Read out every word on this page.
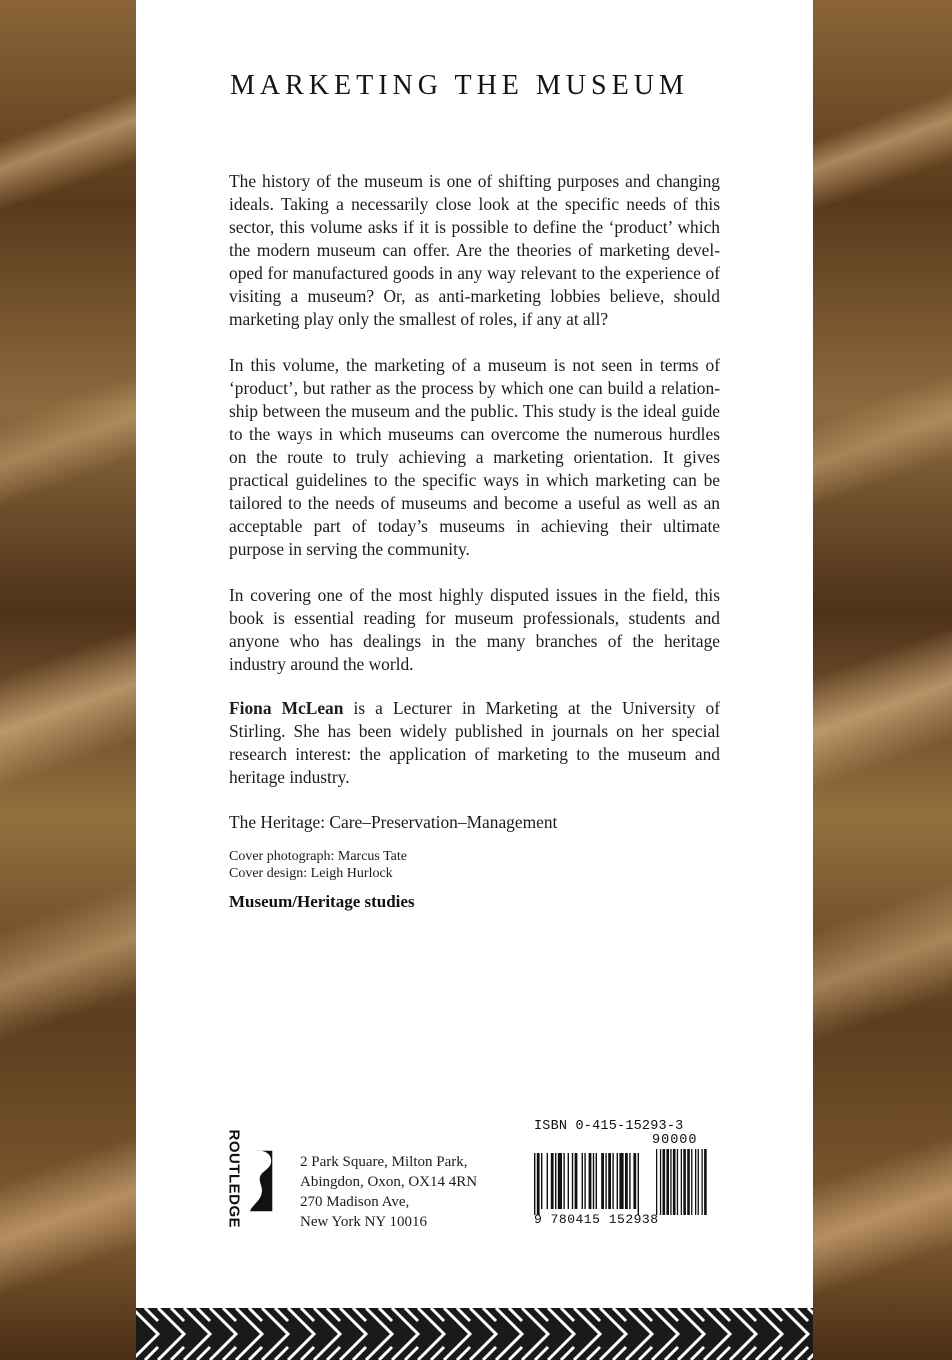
MARKETING THE MUSEUM

The history of the museum is one of shifting purposes and changing ideals. Taking a necessarily close look at the specific needs of this sector, this volume asks if it is possible to define the ‘product’ which the modern museum can offer. Are the theories of marketing developed for manufactured goods in any way relevant to the experience of visiting a museum? Or, as anti-marketing lobbies believe, should marketing play only the smallest of roles, if any at all?

In this volume, the marketing of a museum is not seen in terms of ‘product’, but rather as the process by which one can build a relationship between the museum and the public. This study is the ideal guide to the ways in which museums can overcome the numerous hurdles on the route to truly achieving a marketing orientation. It gives practical guidelines to the specific ways in which marketing can be tailored to the needs of museums and become a useful as well as an acceptable part of today’s museums in achieving their ultimate purpose in serving the community.

In covering one of the most highly disputed issues in the field, this book is essential reading for museum professionals, students and anyone who has dealings in the many branches of the heritage industry around the world.

Fiona McLean is a Lecturer in Marketing at the University of Stirling. She has been widely published in journals on her special research interest: the application of marketing to the museum and heritage industry.

The Heritage: Care–Preservation–Management
Cover photograph: Marcus Tate
Cover design: Leigh Hurlock
Museum/Heritage studies
ROUTLEDGE	2 Park Square, Milton Park,
Abingdon, Oxon, OX14 4RN
270 Madison Ave,
New York NY 10016
ISBN 0-415-15293-3
90000
9 780415 152938
